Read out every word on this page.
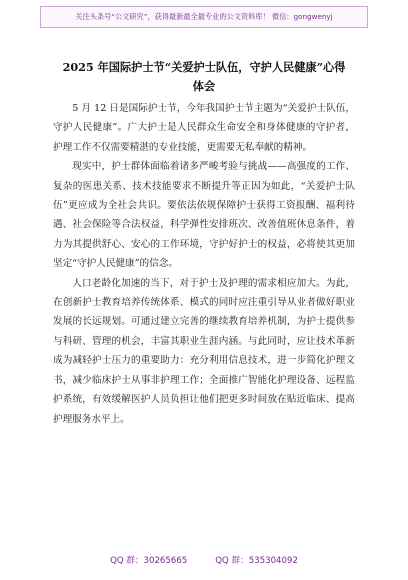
关注头条号“公文研究”，获得最新最全最专业的公文资料库！ 微信：gongwenyj
2025 年国际护士节“关爱护士队伍，守护人民健康”心得
体会

5 月 12 日是国际护士节，今年我国护士节主题为“关爱护士队伍，守护人民健康”。广大护士是人民群众生命安全和身体健康的守护者，护理工作不仅需要精湛的专业技能，更需要无私奉献的精神。

现实中，护士群体面临着诸多严峻考验与挑战——高强度的工作、复杂的医患关系、技术技能要求不断提升等正因为如此，“关爱护士队伍”更应成为全社会共识。要依法依规保障护士获得工资报酬、福利待遇、社会保险等合法权益，科学弹性安排班次、改善值班休息条件，着力为其提供舒心、安心的工作环境，守护好护士的权益，必将使其更加坚定“守护人民健康”的信念。

人口老龄化加速的当下，对于护士及护理的需求相应加大。为此，在创新护士教育培养传统体系、模式的同时应注重引导从业者做好职业发展的长远规划。可通过建立完善的继续教育培养机制，为护士提供参与科研、管理的机会，丰富其职业生涯内涵。与此同时，应让技术革新成为减轻护士压力的重要助力：充分利用信息技术，进一步简化护理文书，减少临床护士从事非护理工作；全面推广智能化护理设备、远程监护系统，有效缓解医护人员负担让他们把更多时间放在贴近临床、提高护理服务水平上。

QQ 群：30265665	QQ 群：535304092
